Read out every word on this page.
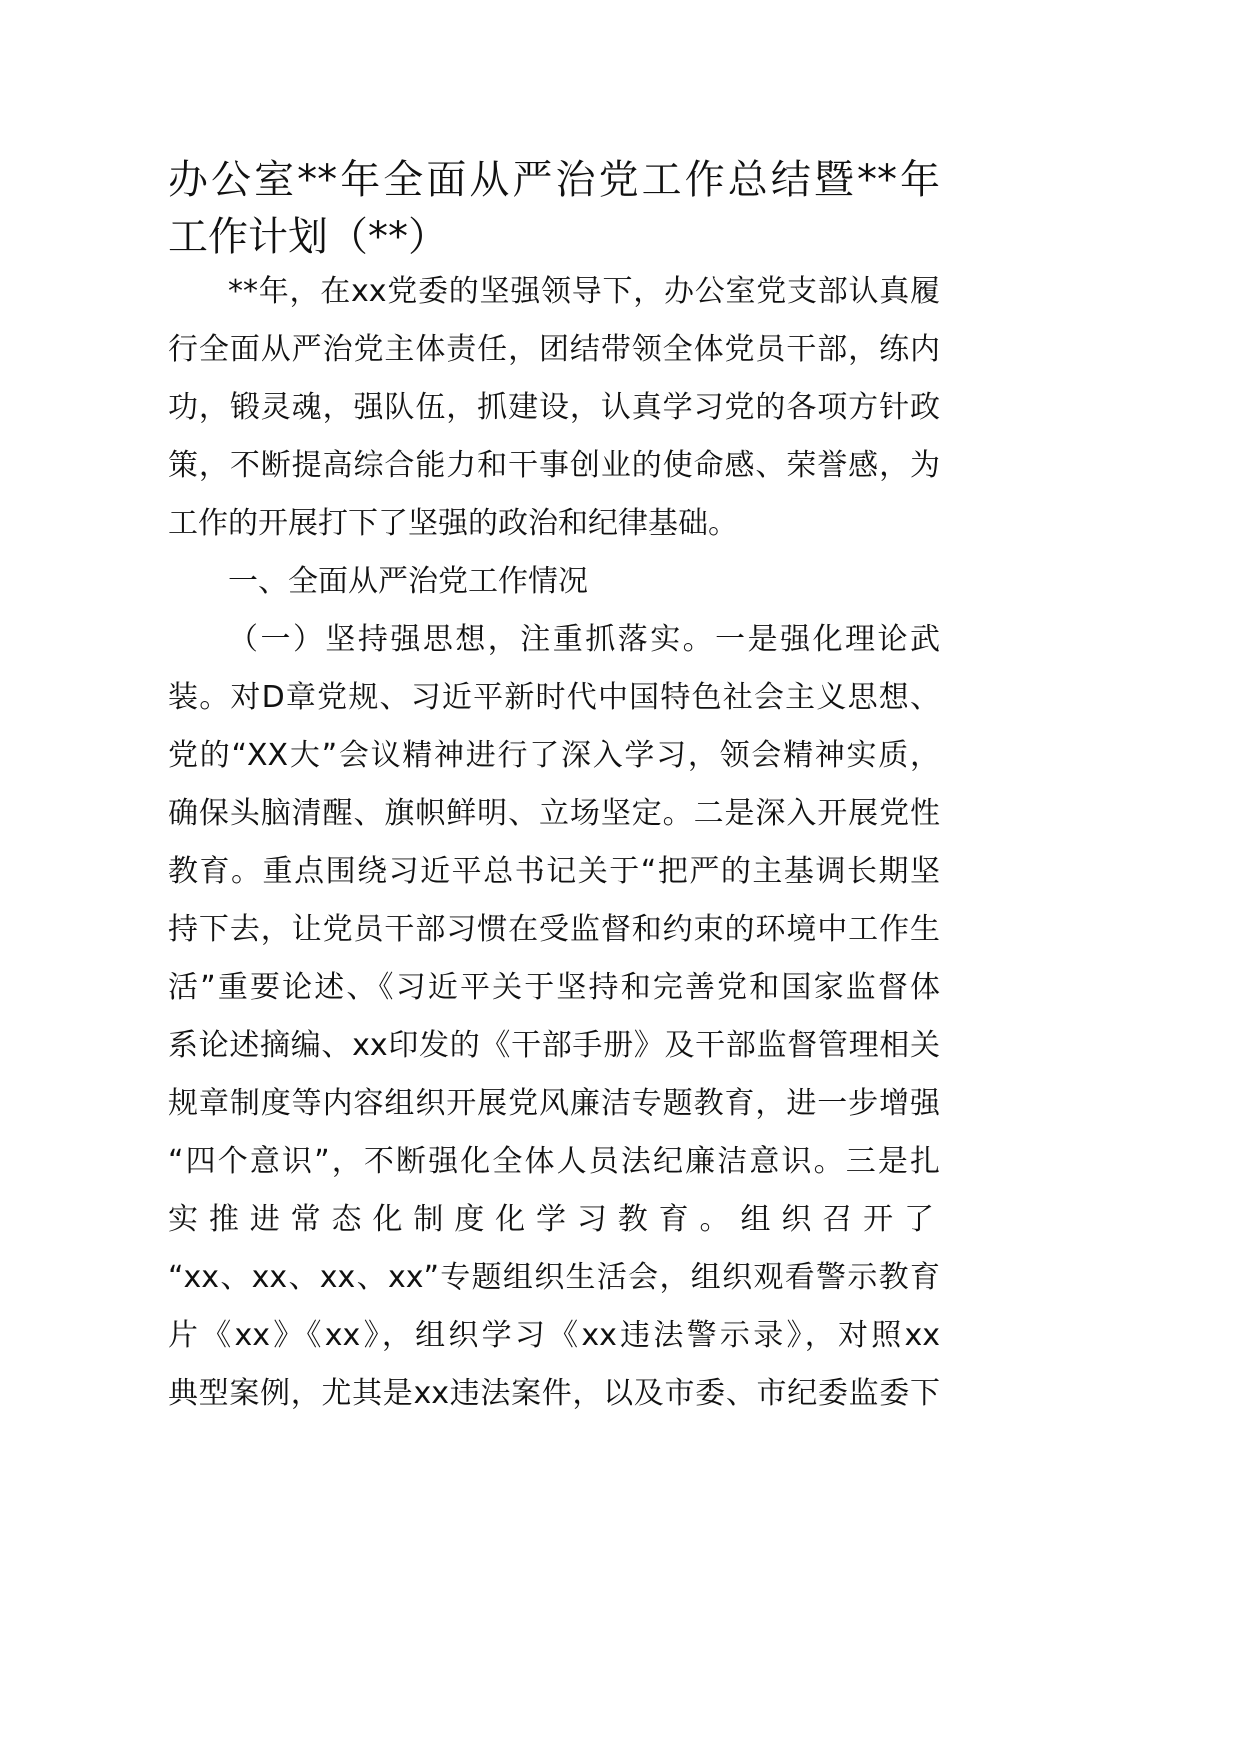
办公室**年全面从严治党工作总结暨**年
工作计划（**）
**年，在xx党委的坚强领导下，办公室党支部认真履
行全面从严治党主体责任，团结带领全体党员干部，练内
功，锻灵魂，强队伍，抓建设，认真学习党的各项方针政
策，不断提高综合能力和干事创业的使命感、荣誉感，为
工作的开展打下了坚强的政治和纪律基础。
一、全面从严治党工作情况
（一）坚持强思想，注重抓落实。一是强化理论武
装。对D章党规、习近平新时代中国特色社会主义思想、
党的“XX大”会议精神进行了深入学习，领会精神实质，
确保头脑清醒、旗帜鲜明、立场坚定。二是深入开展党性
教育。重点围绕习近平总书记关于“把严的主基调长期坚
持下去，让党员干部习惯在受监督和约束的环境中工作生
活”重要论述、《习近平关于坚持和完善党和国家监督体
系论述摘编、xx印发的《干部手册》及干部监督管理相关
规章制度等内容组织开展党风廉洁专题教育，进一步增强
“四个意识”，不断强化全体人员法纪廉洁意识。三是扎
实推进常态化制度化学习教育。组织召开了
“xx、xx、xx、xx”专题组织生活会，组织观看警示教育
片《xx》《xx》，组织学习《xx违法警示录》，对照xx
典型案例，尤其是xx违法案件，以及市委、市纪委监委下
